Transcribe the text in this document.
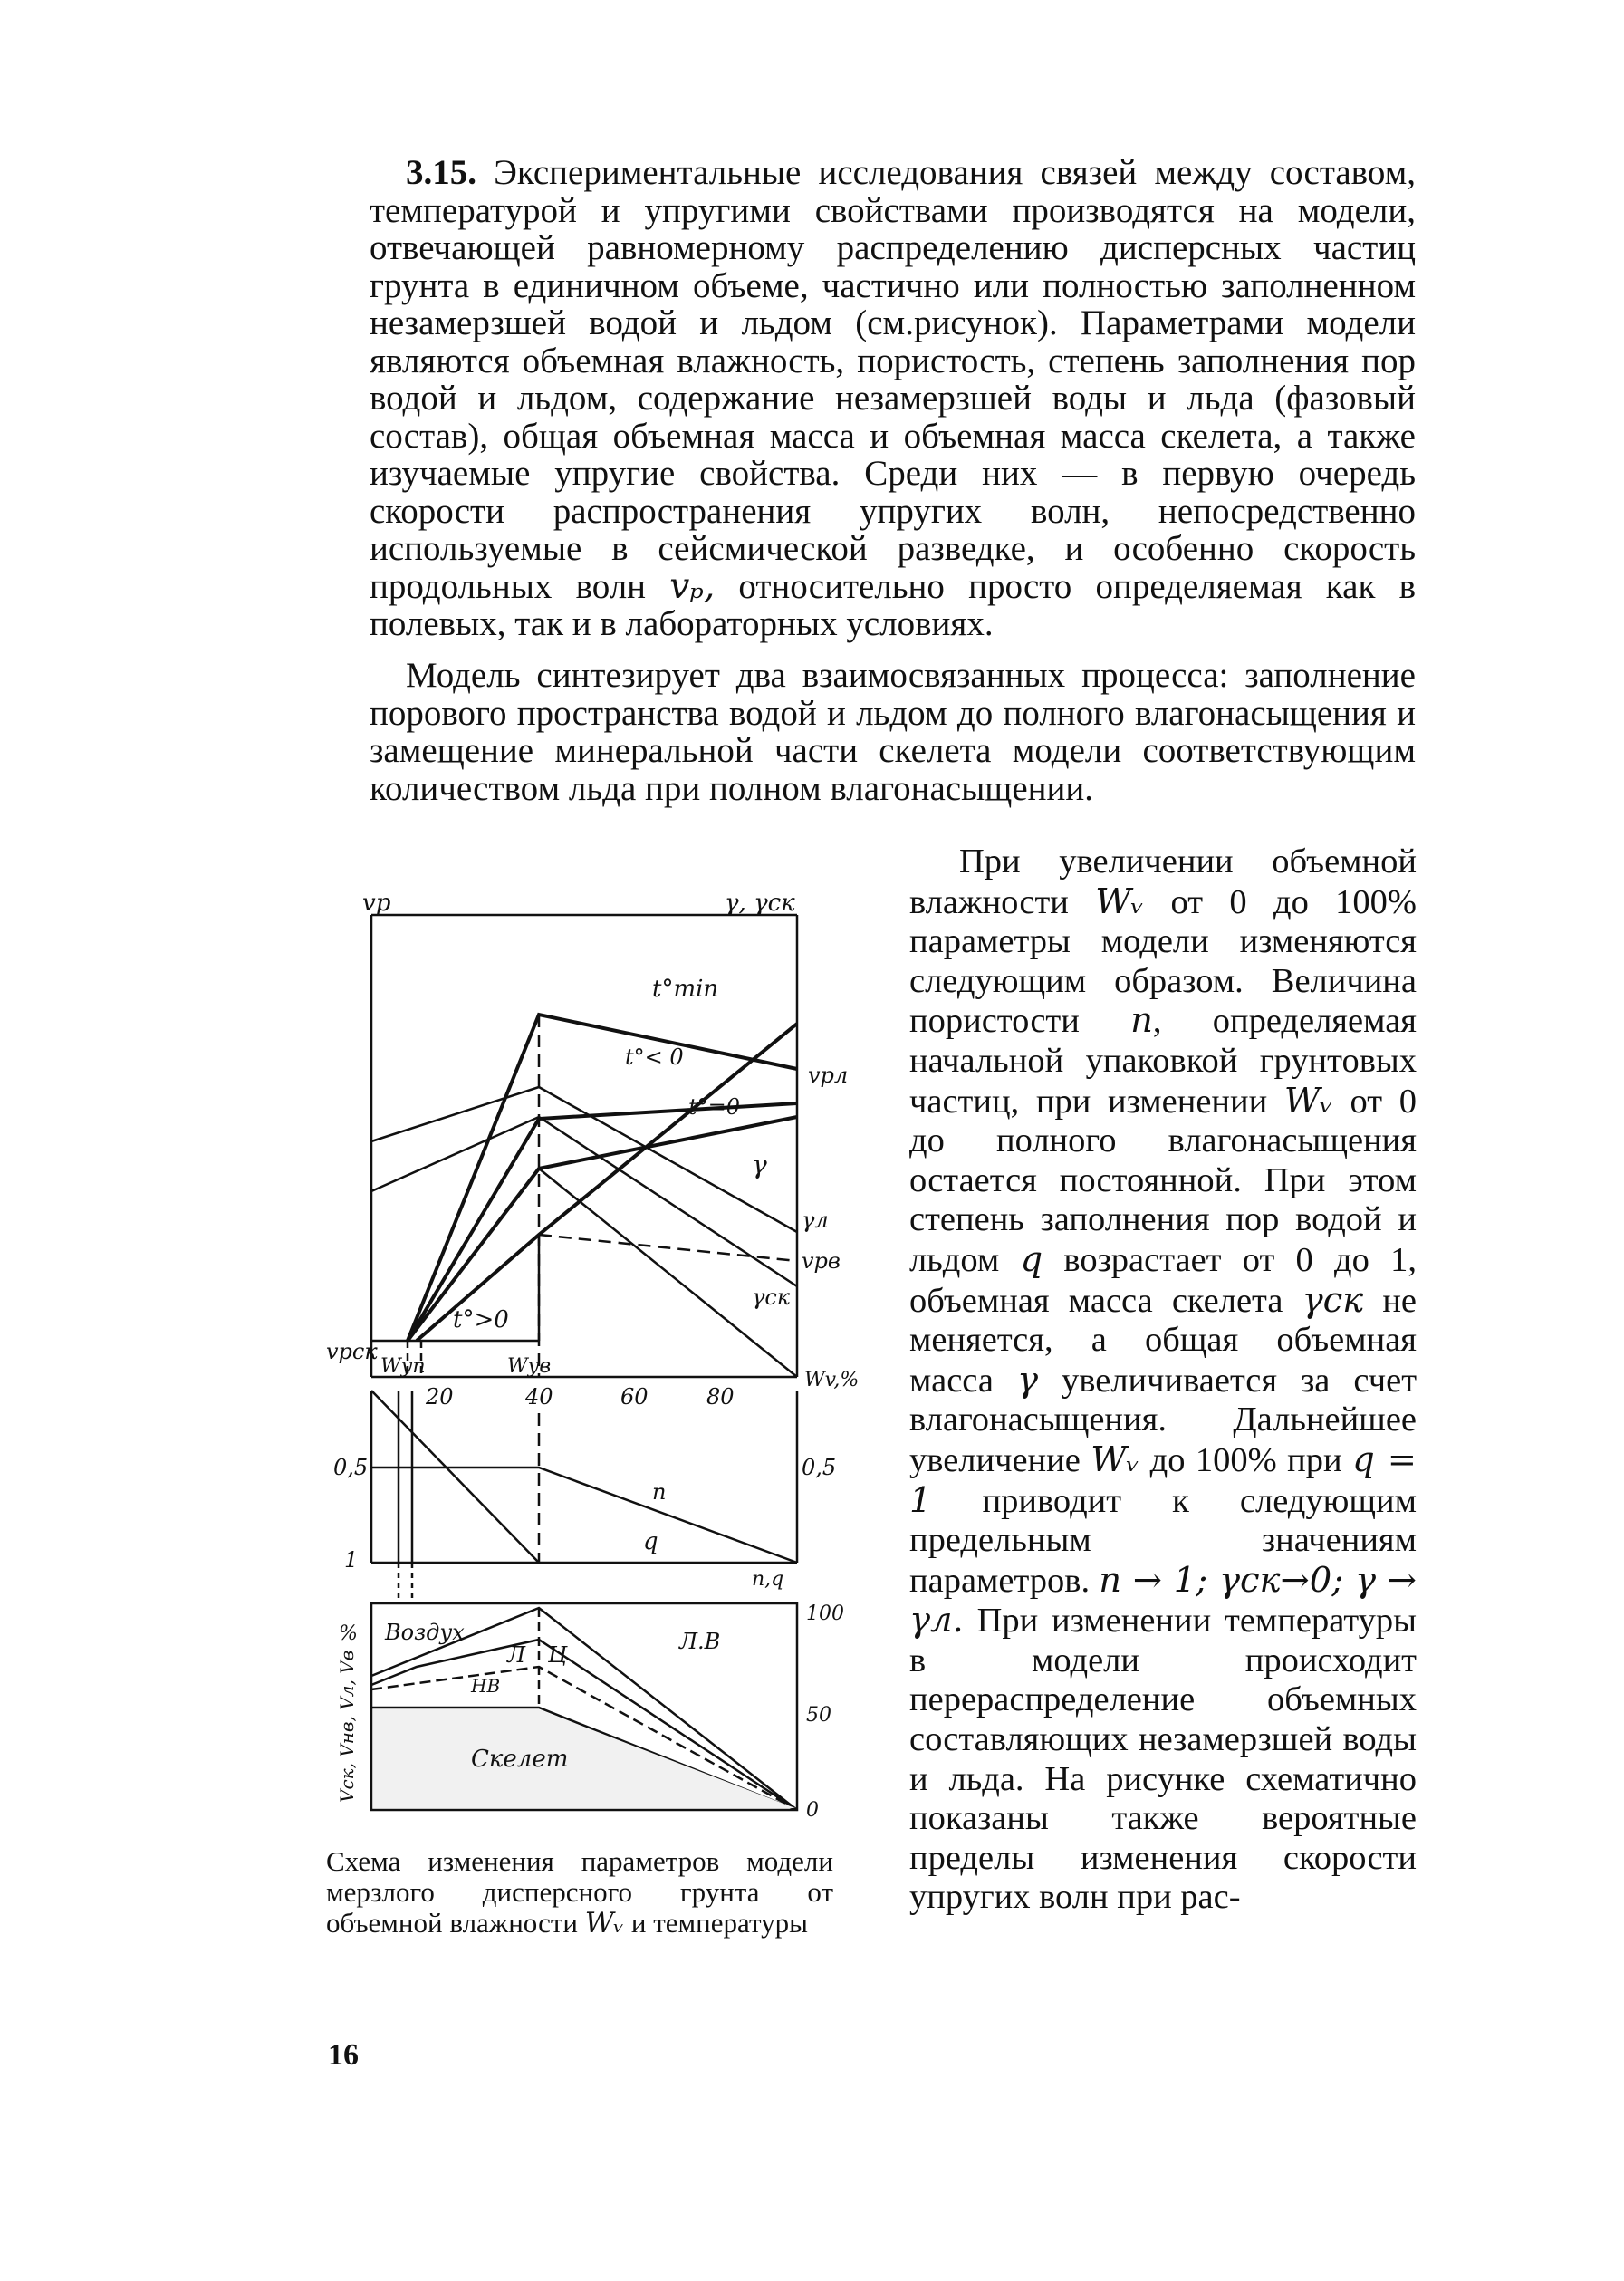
3.15. Экспериментальные исследования связей между составом, температурой и упругими свойствами производятся на модели, отвечающей равномерному распределению дисперсных частиц грунта в единичном объеме, частично или полностью заполненном незамерзшей водой и льдом (см.рисунок). Параметрами модели являются объемная влажность, пористость, степень заполнения пор водой и льдом, содержание незамерзшей воды и льда (фазовый состав), общая объемная масса и объемная масса скелета, а также изучаемые упругие свойства. Среди них — в первую очередь скорости распространения упругих волн, непосредственно используемые в сейсмической разведке, и особенно скорость продольных волн vₚ, относительно просто определяемая как в полевых, так и в лабораторных условиях.

Модель синтезирует два взаимосвязанных процесса: заполнение порового пространства водой и льдом до полного влагонасыщения и замещение минеральной части скелета модели соответствующим количеством льда при полном влагонасыщении.

vp	γ, γск
t°min
t°< 0
t°=0
t°>0
vpл
γ
γл
vpв
γск
vpск
Wуп	Wув
Wv,%
20	40	60	80
0,5
1
0,5
n
q
n,q
Воздух
Л Ц
НВ
Л.В
Скелет
100
50
0
%
Vск, Vнв, Vл, Vв

При увеличении объемной влажности Wᵥ от 0 до 100% параметры модели изменяются следующим образом. Величина пористости n, определяемая начальной упаковкой грунтовых частиц, при изменении Wᵥ от 0 до полного влагонасыщения остается постоянной. При этом степень заполнения пор водой и льдом q возрастает от 0 до 1, объемная масса скелета γск не меняется, а общая объемная масса γ увеличивается за счет влагонасыщения. Дальнейшее увеличение Wᵥ до 100% при q = 1 приводит к следующим предельным значениям параметров. n → 1; γск→0; γ → γл. При изменении температуры в модели происходит перераспределение объемных составляющих незамерзшей воды и льда. На рисунке схематично показаны также вероятные пределы изменения скорости упругих волн при рас-

Схема изменения параметров модели мерзлого дисперсного грунта от объемной влажности Wᵥ и температуры

16
